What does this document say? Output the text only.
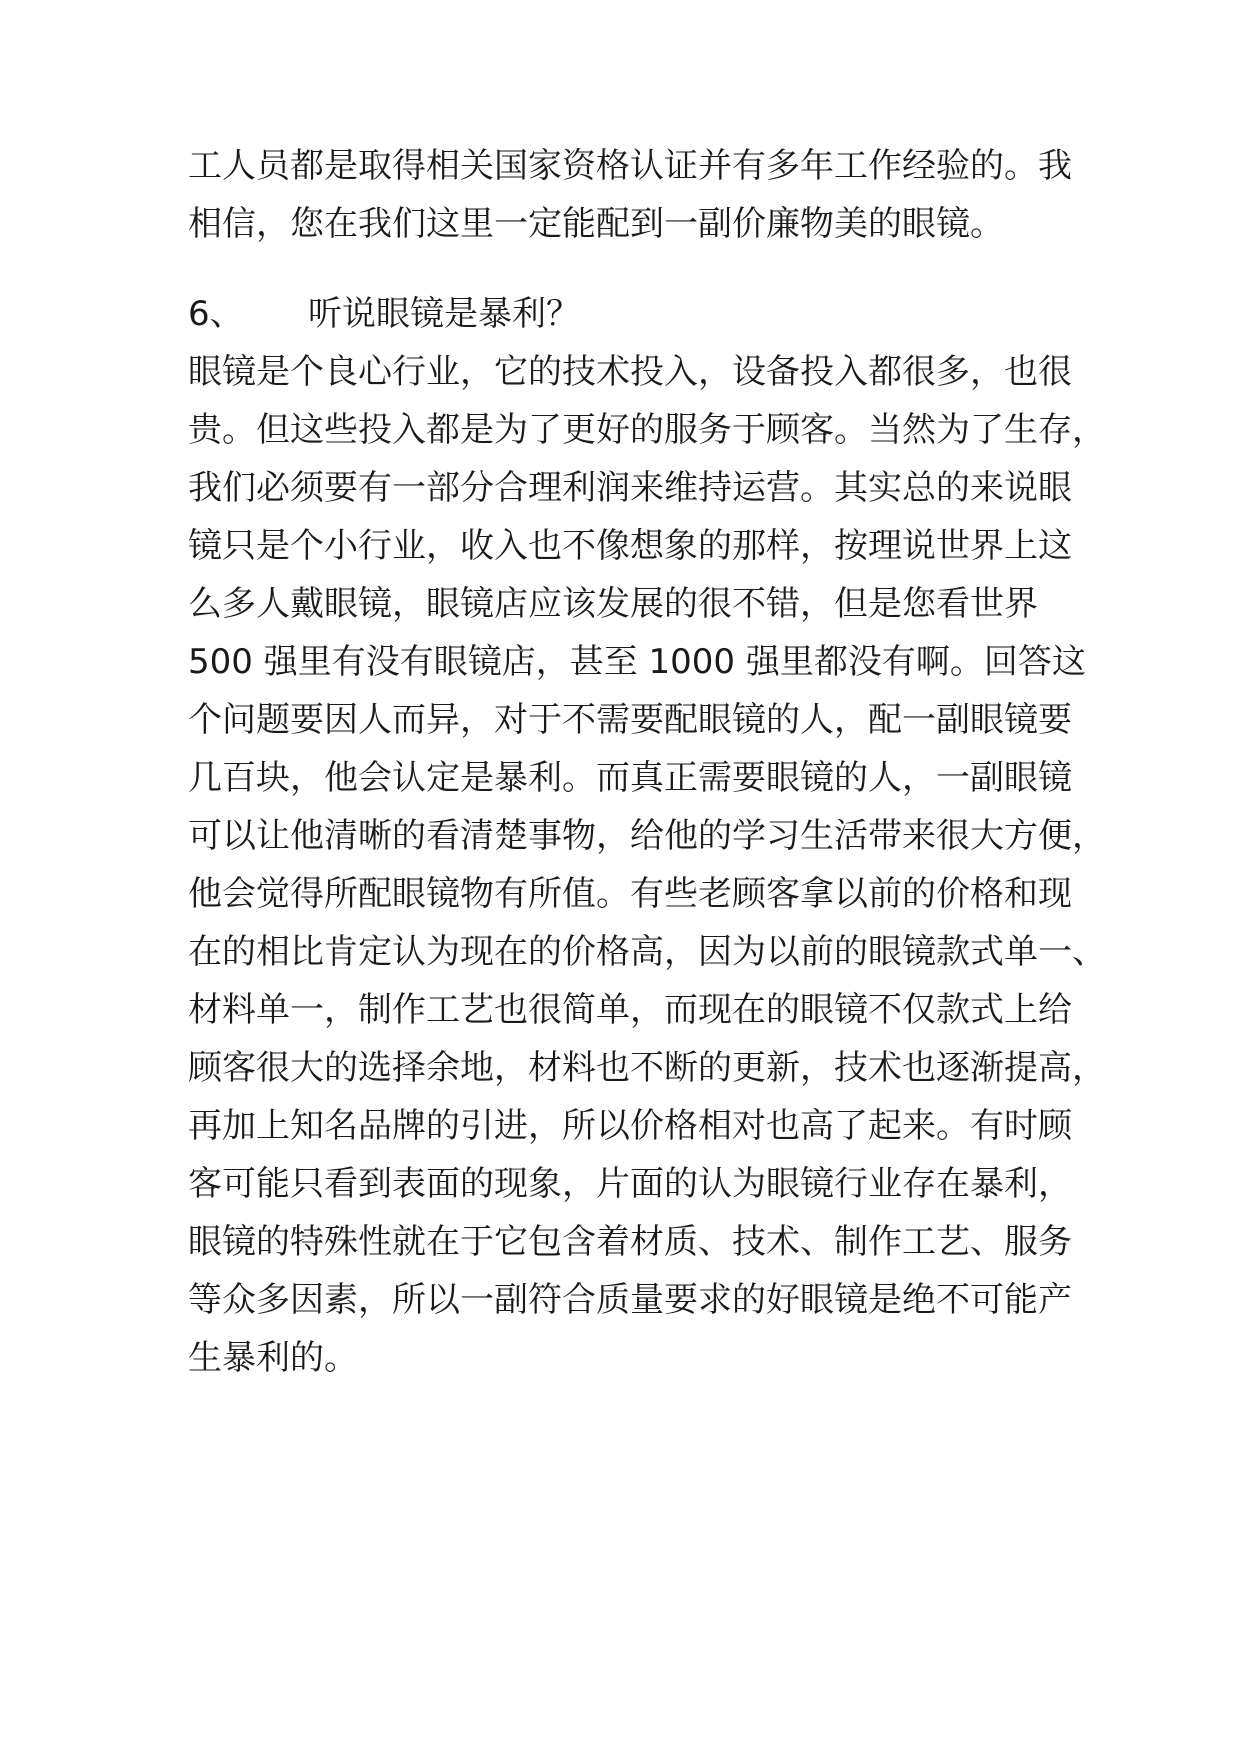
工人员都是取得相关国家资格认证并有多年工作经验的。我
相信，您在我们这里一定能配到一副价廉物美的眼镜。
6、 听说眼镜是暴利？
眼镜是个良心行业，它的技术投入，设备投入都很多，也很
贵。但这些投入都是为了更好的服务于顾客。当然为了生存，
我们必须要有一部分合理利润来维持运营。其实总的来说眼
镜只是个小行业，收入也不像想象的那样，按理说世界上这
么多人戴眼镜，眼镜店应该发展的很不错，但是您看世界
500 强里有没有眼镜店，甚至 1000 强里都没有啊。回答这
个问题要因人而异，对于不需要配眼镜的人，配一副眼镜要
几百块，他会认定是暴利。而真正需要眼镜的人，一副眼镜
可以让他清晰的看清楚事物，给他的学习生活带来很大方便，
他会觉得所配眼镜物有所值。有些老顾客拿以前的价格和现
在的相比肯定认为现在的价格高，因为以前的眼镜款式单一、
材料单一，制作工艺也很简单，而现在的眼镜不仅款式上给
顾客很大的选择余地，材料也不断的更新，技术也逐渐提高，
再加上知名品牌的引进，所以价格相对也高了起来。有时顾
客可能只看到表面的现象，片面的认为眼镜行业存在暴利，
眼镜的特殊性就在于它包含着材质、技术、制作工艺、服务
等众多因素，所以一副符合质量要求的好眼镜是绝不可能产
生暴利的。
